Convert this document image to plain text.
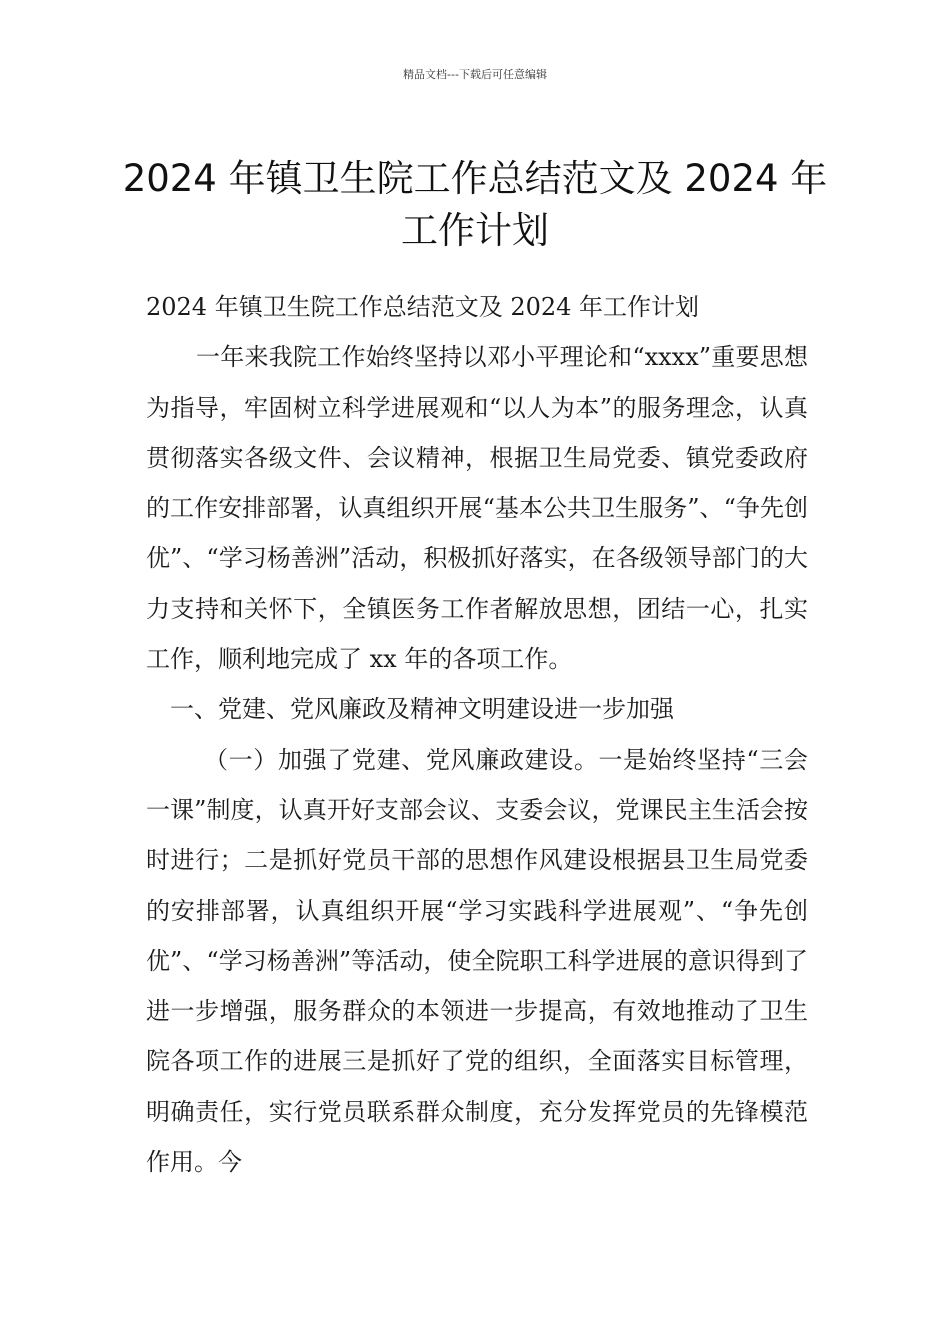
精品文档---下载后可任意编辑
2024 年镇卫生院工作总结范文及 2024 年工作计划

2024 年镇卫生院工作总结范文及 2024 年工作计划

一年来我院工作始终坚持以邓小平理论和“xxxx”重要思想为指导，牢固树立科学进展观和“以人为本”的服务理念，认真贯彻落实各级文件、会议精神，根据卫生局党委、镇党委政府的工作安排部署，认真组织开展“基本公共卫生服务”、“争先创优”、“学习杨善洲”活动，积极抓好落实，在各级领导部门的大力支持和关怀下，全镇医务工作者解放思想，团结一心，扎实工作，顺利地完成了 xx 年的各项工作。

一、党建、党风廉政及精神文明建设进一步加强

（一）加强了党建、党风廉政建设。一是始终坚持“三会一课”制度，认真开好支部会议、支委会议，党课民主生活会按时进行；二是抓好党员干部的思想作风建设根据县卫生局党委的安排部署，认真组织开展“学习实践科学进展观”、“争先创优”、“学习杨善洲”等活动，使全院职工科学进展的意识得到了进一步增强，服务群众的本领进一步提高，有效地推动了卫生院各项工作的进展三是抓好了党的组织，全面落实目标管理，明确责任，实行党员联系群众制度，充分发挥党员的先锋模范作用。今
